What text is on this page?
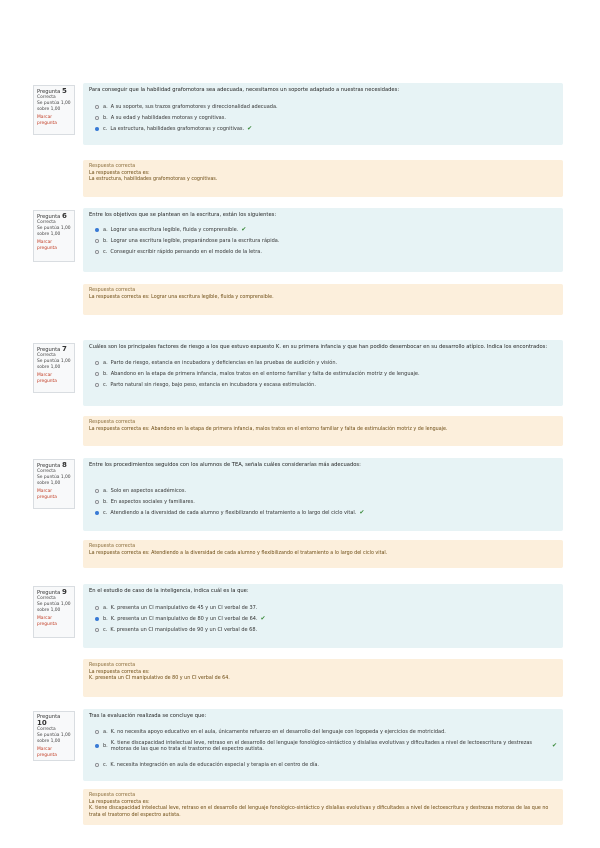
Pregunta 5
Correcta
Se puntúa 1,00 sobre 1,00
Marcar pregunta
Para conseguir que la habilidad grafomotora sea adecuada, necesitamos un soporte adaptado a nuestras necesidades:
a. A su soporte, sus trazos grafomotores y direccionalidad adecuada.
b. A su edad y habilidades motoras y cognitivas.
c. La estructura, habilidades grafomotoras y cognitivas. ✔
Respuesta correcta
La respuesta correcta es:
La estructura, habilidades grafomotoras y cognitivas.
Pregunta 6
Correcta
Se puntúa 1,00 sobre 1,00
Marcar pregunta
Entre los objetivos que se plantean en la escritura, están los siguientes:
a. Lograr una escritura legible, fluida y comprensible. ✔
b. Lograr una escritura legible, preparándose para la escritura rápida.
c. Conseguir escribir rápido pensando en el modelo de la letra.
Respuesta correcta
La respuesta correcta es: Lograr una escritura legible, fluida y comprensible.
Pregunta 7
Correcta
Se puntúa 1,00 sobre 1,00
Marcar pregunta
Cuáles son los principales factores de riesgo a los que estuvo expuesto K. en su primera infancia y que han podido desembocar en su desarrollo atípico. Indica los encontrados:
a. Parto de riesgo, estancia en incubadora y deficiencias en las pruebas de audición y visión.
b. Abandono en la etapa de primera infancia, malos tratos en el entorno familiar y falta de estimulación motriz y de lenguaje.
c. Parto natural sin riesgo, bajo peso, estancia en incubadora y escasa estimulación.
Respuesta correcta
La respuesta correcta es: Abandono en la etapa de primera infancia, malos tratos en el entorno familiar y falta de estimulación motriz y de lenguaje.
Pregunta 8
Correcta
Se puntúa 1,00 sobre 1,00
Marcar pregunta
Entre los procedimientos seguidos con los alumnos de TEA, señala cuáles considerarías más adecuados:
a. Solo en aspectos académicos.
b. En aspectos sociales y familiares.
c. Atendiendo a la diversidad de cada alumno y flexibilizando el tratamiento a lo largo del ciclo vital. ✔
Respuesta correcta
La respuesta correcta es: Atendiendo a la diversidad de cada alumno y flexibilizando el tratamiento a lo largo del ciclo vital.
Pregunta 9
Correcta
Se puntúa 1,00 sobre 1,00
Marcar pregunta
En el estudio de caso de la inteligencia, indica cuál es la que:
a. K. presenta un CI manipulativo de 45 y un CI verbal de 37.
b. K. presenta un CI manipulativo de 80 y un CI verbal de 64. ✔
c. K. presenta un CI manipulativo de 90 y un CI verbal de 68.
Respuesta correcta
La respuesta correcta es:
K. presenta un CI manipulativo de 80 y un CI verbal de 64.
Pregunta 10
Correcta
Se puntúa 1,00 sobre 1,00
Marcar pregunta
Tras la evaluación realizada se concluye que:
a. K. no necesita apoyo educativo en el aula, únicamente refuerzo en el desarrollo del lenguaje con logopeda y ejercicios de motricidad.
b. K. tiene discapacidad intelectual leve, retraso en el desarrollo del lenguaje fonológico-sintáctico y dislalias evolutivas y dificultades a nivel de lectoescritura y destrezas motoras de las que no trata el trastorno del espectro autista.	✔
c. K. necesita integración en aula de educación especial y terapia en el centro de día.
Respuesta correcta
La respuesta correcta es:
K. tiene discapacidad intelectual leve, retraso en el desarrollo del lenguaje fonológico-sintáctico y dislalias evolutivas y dificultades a nivel de lectoescritura y destrezas motoras de las que no trata el trastorno del espectro autista.
